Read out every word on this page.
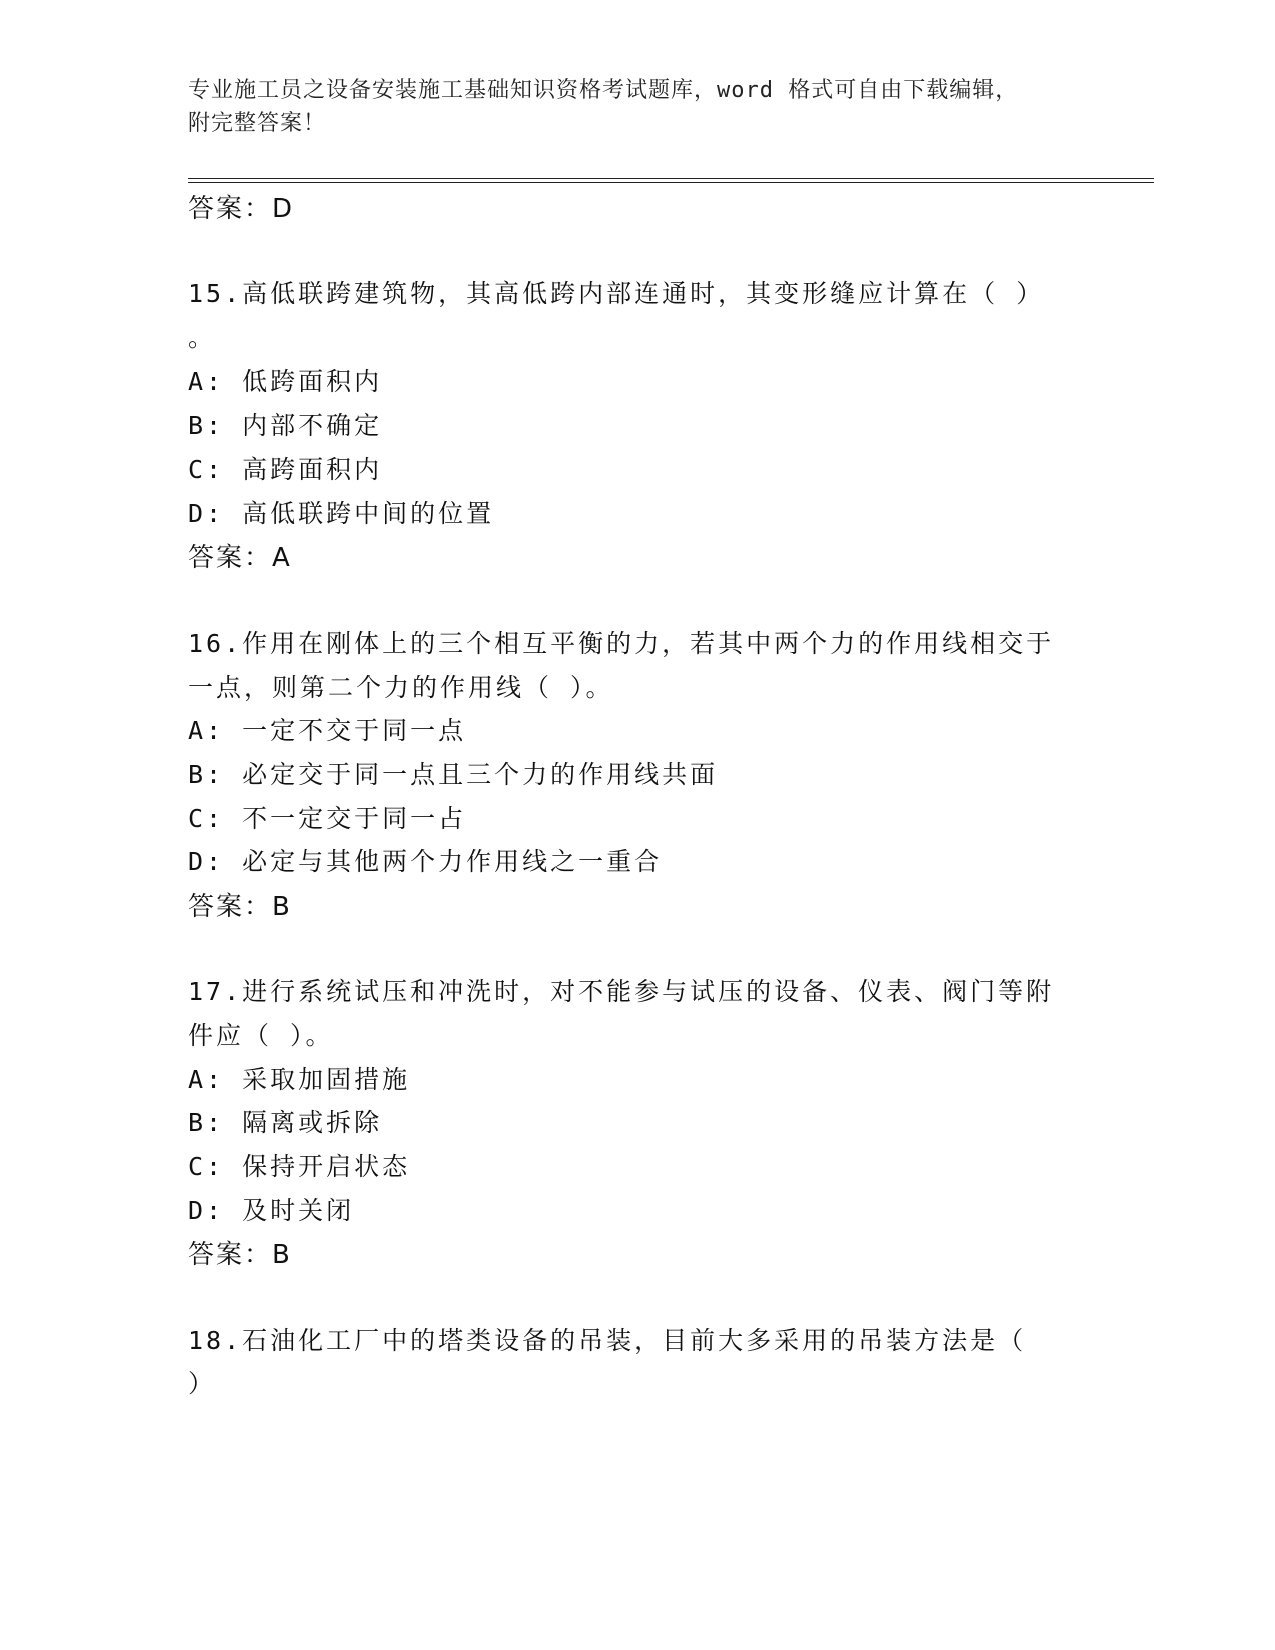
专业施工员之设备安装施工基础知识资格考试题库，word 格式可自由下载编辑，
附完整答案！
答案：D
15.高低联跨建筑物，其高低跨内部连通时，其变形缝应计算在（ ）
。
A: 低跨面积内
B: 内部不确定
C: 高跨面积内
D: 高低联跨中间的位置
答案：A
16.作用在刚体上的三个相互平衡的力，若其中两个力的作用线相交于
一点，则第二个力的作用线（ ）。
A: 一定不交于同一点
B: 必定交于同一点且三个力的作用线共面
C: 不一定交于同一占
D: 必定与其他两个力作用线之一重合
答案：B
17.进行系统试压和冲洗时，对不能参与试压的设备、仪表、阀门等附
件应（ ）。
A: 采取加固措施
B: 隔离或拆除
C: 保持开启状态
D: 及时关闭
答案：B
18.石油化工厂中的塔类设备的吊装，目前大多采用的吊装方法是（
）
